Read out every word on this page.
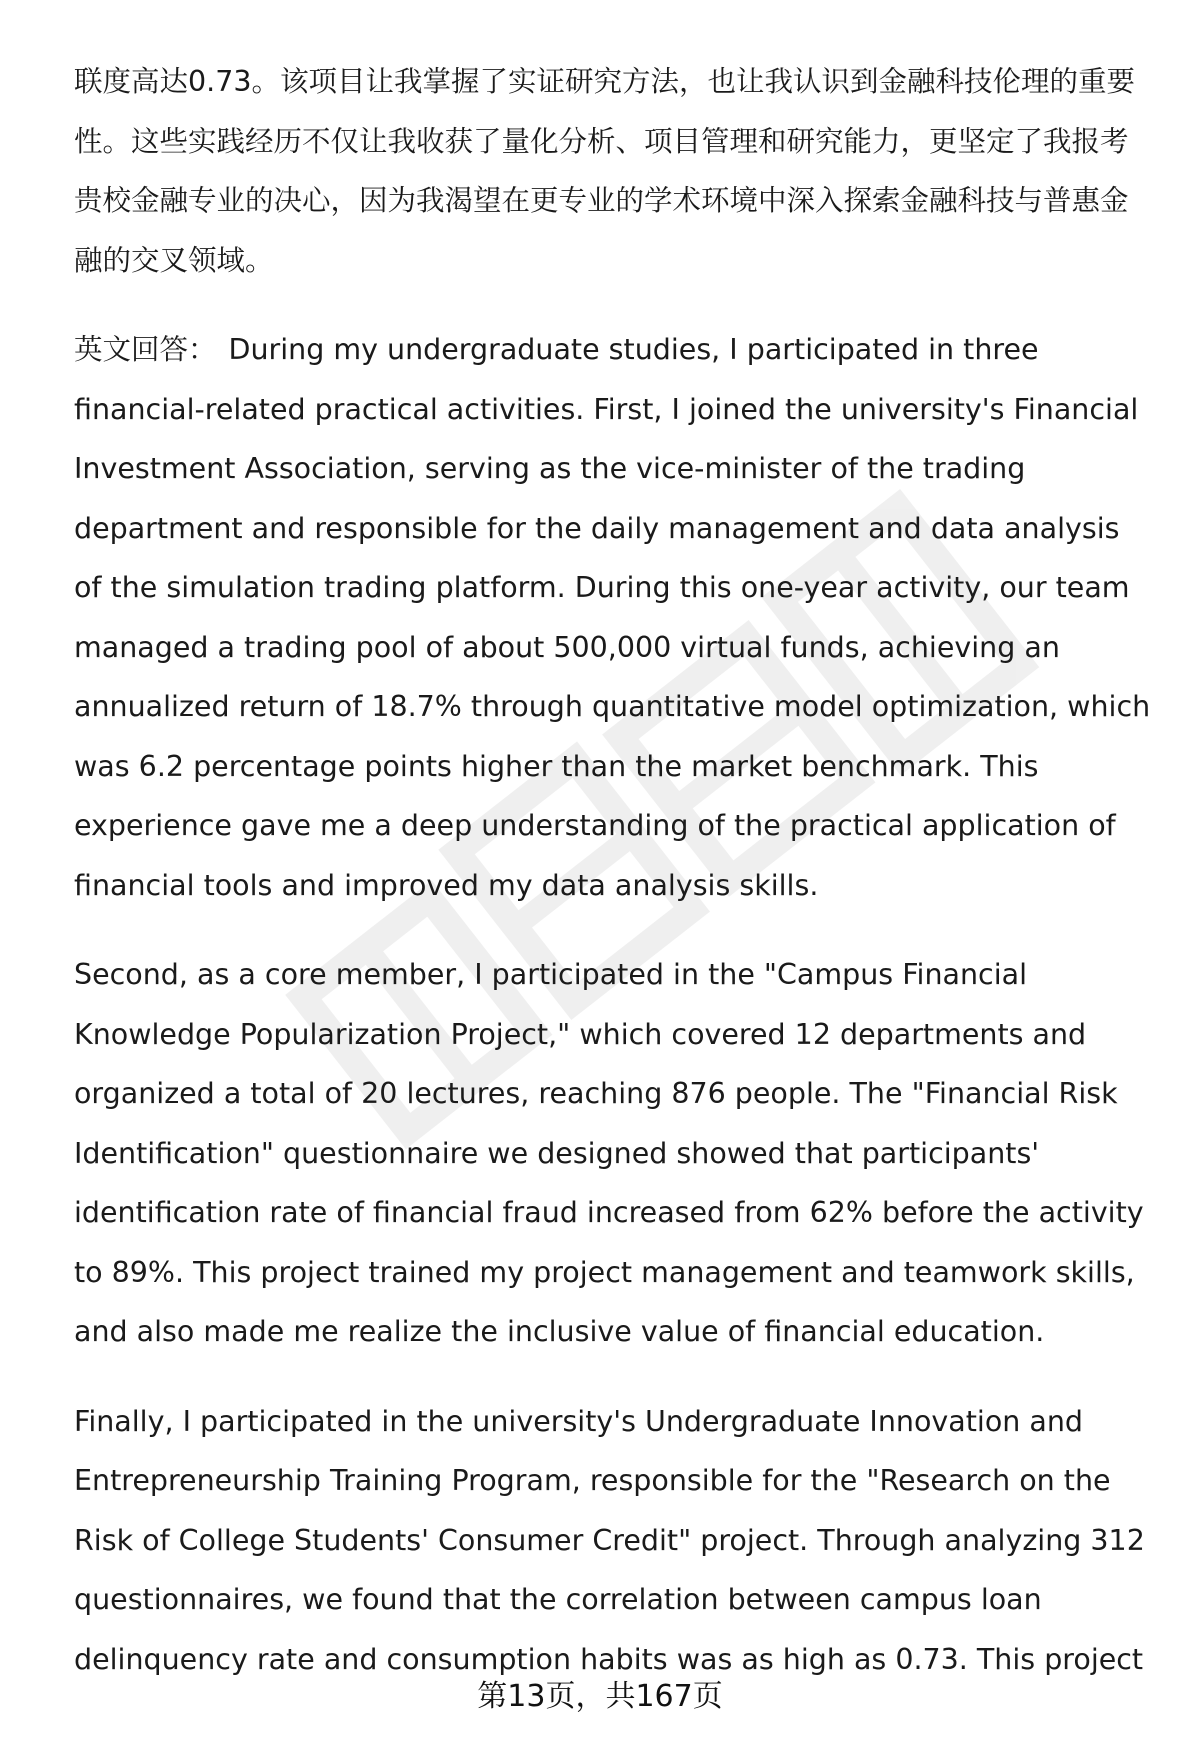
联度高达0.73。该项目让我掌握了实证研究方法，也让我认识到金融科技伦理的重要性。这些实践经历不仅让我收获了量化分析、项目管理和研究能力，更坚定了我报考贵校金融专业的决心，因为我渴望在更专业的学术环境中深入探索金融科技与普惠金融的交叉领域。

英文回答： During my undergraduate studies, I participated in three financial-related practical activities. First, I joined the university's Financial Investment Association, serving as the vice-minister of the trading department and responsible for the daily management and data analysis of the simulation trading platform. During this one-year activity, our team managed a trading pool of about 500,000 virtual funds, achieving an annualized return of 18.7% through quantitative model optimization, which was 6.2 percentage points higher than the market benchmark. This experience gave me a deep understanding of the practical application of financial tools and improved my data analysis skills.

Second, as a core member, I participated in the "Campus Financial Knowledge Popularization Project," which covered 12 departments and organized a total of 20 lectures, reaching 876 people. The "Financial Risk Identification" questionnaire we designed showed that participants' identification rate of financial fraud increased from 62% before the activity to 89%. This project trained my project management and teamwork skills, and also made me realize the inclusive value of financial education.

Finally, I participated in the university's Undergraduate Innovation and Entrepreneurship Training Program, responsible for the "Research on the Risk of College Students' Consumer Credit" project. Through analyzing 312 questionnaires, we found that the correlation between campus loan delinquency rate and consumption habits was as high as 0.73. This project

第13页，共167页
